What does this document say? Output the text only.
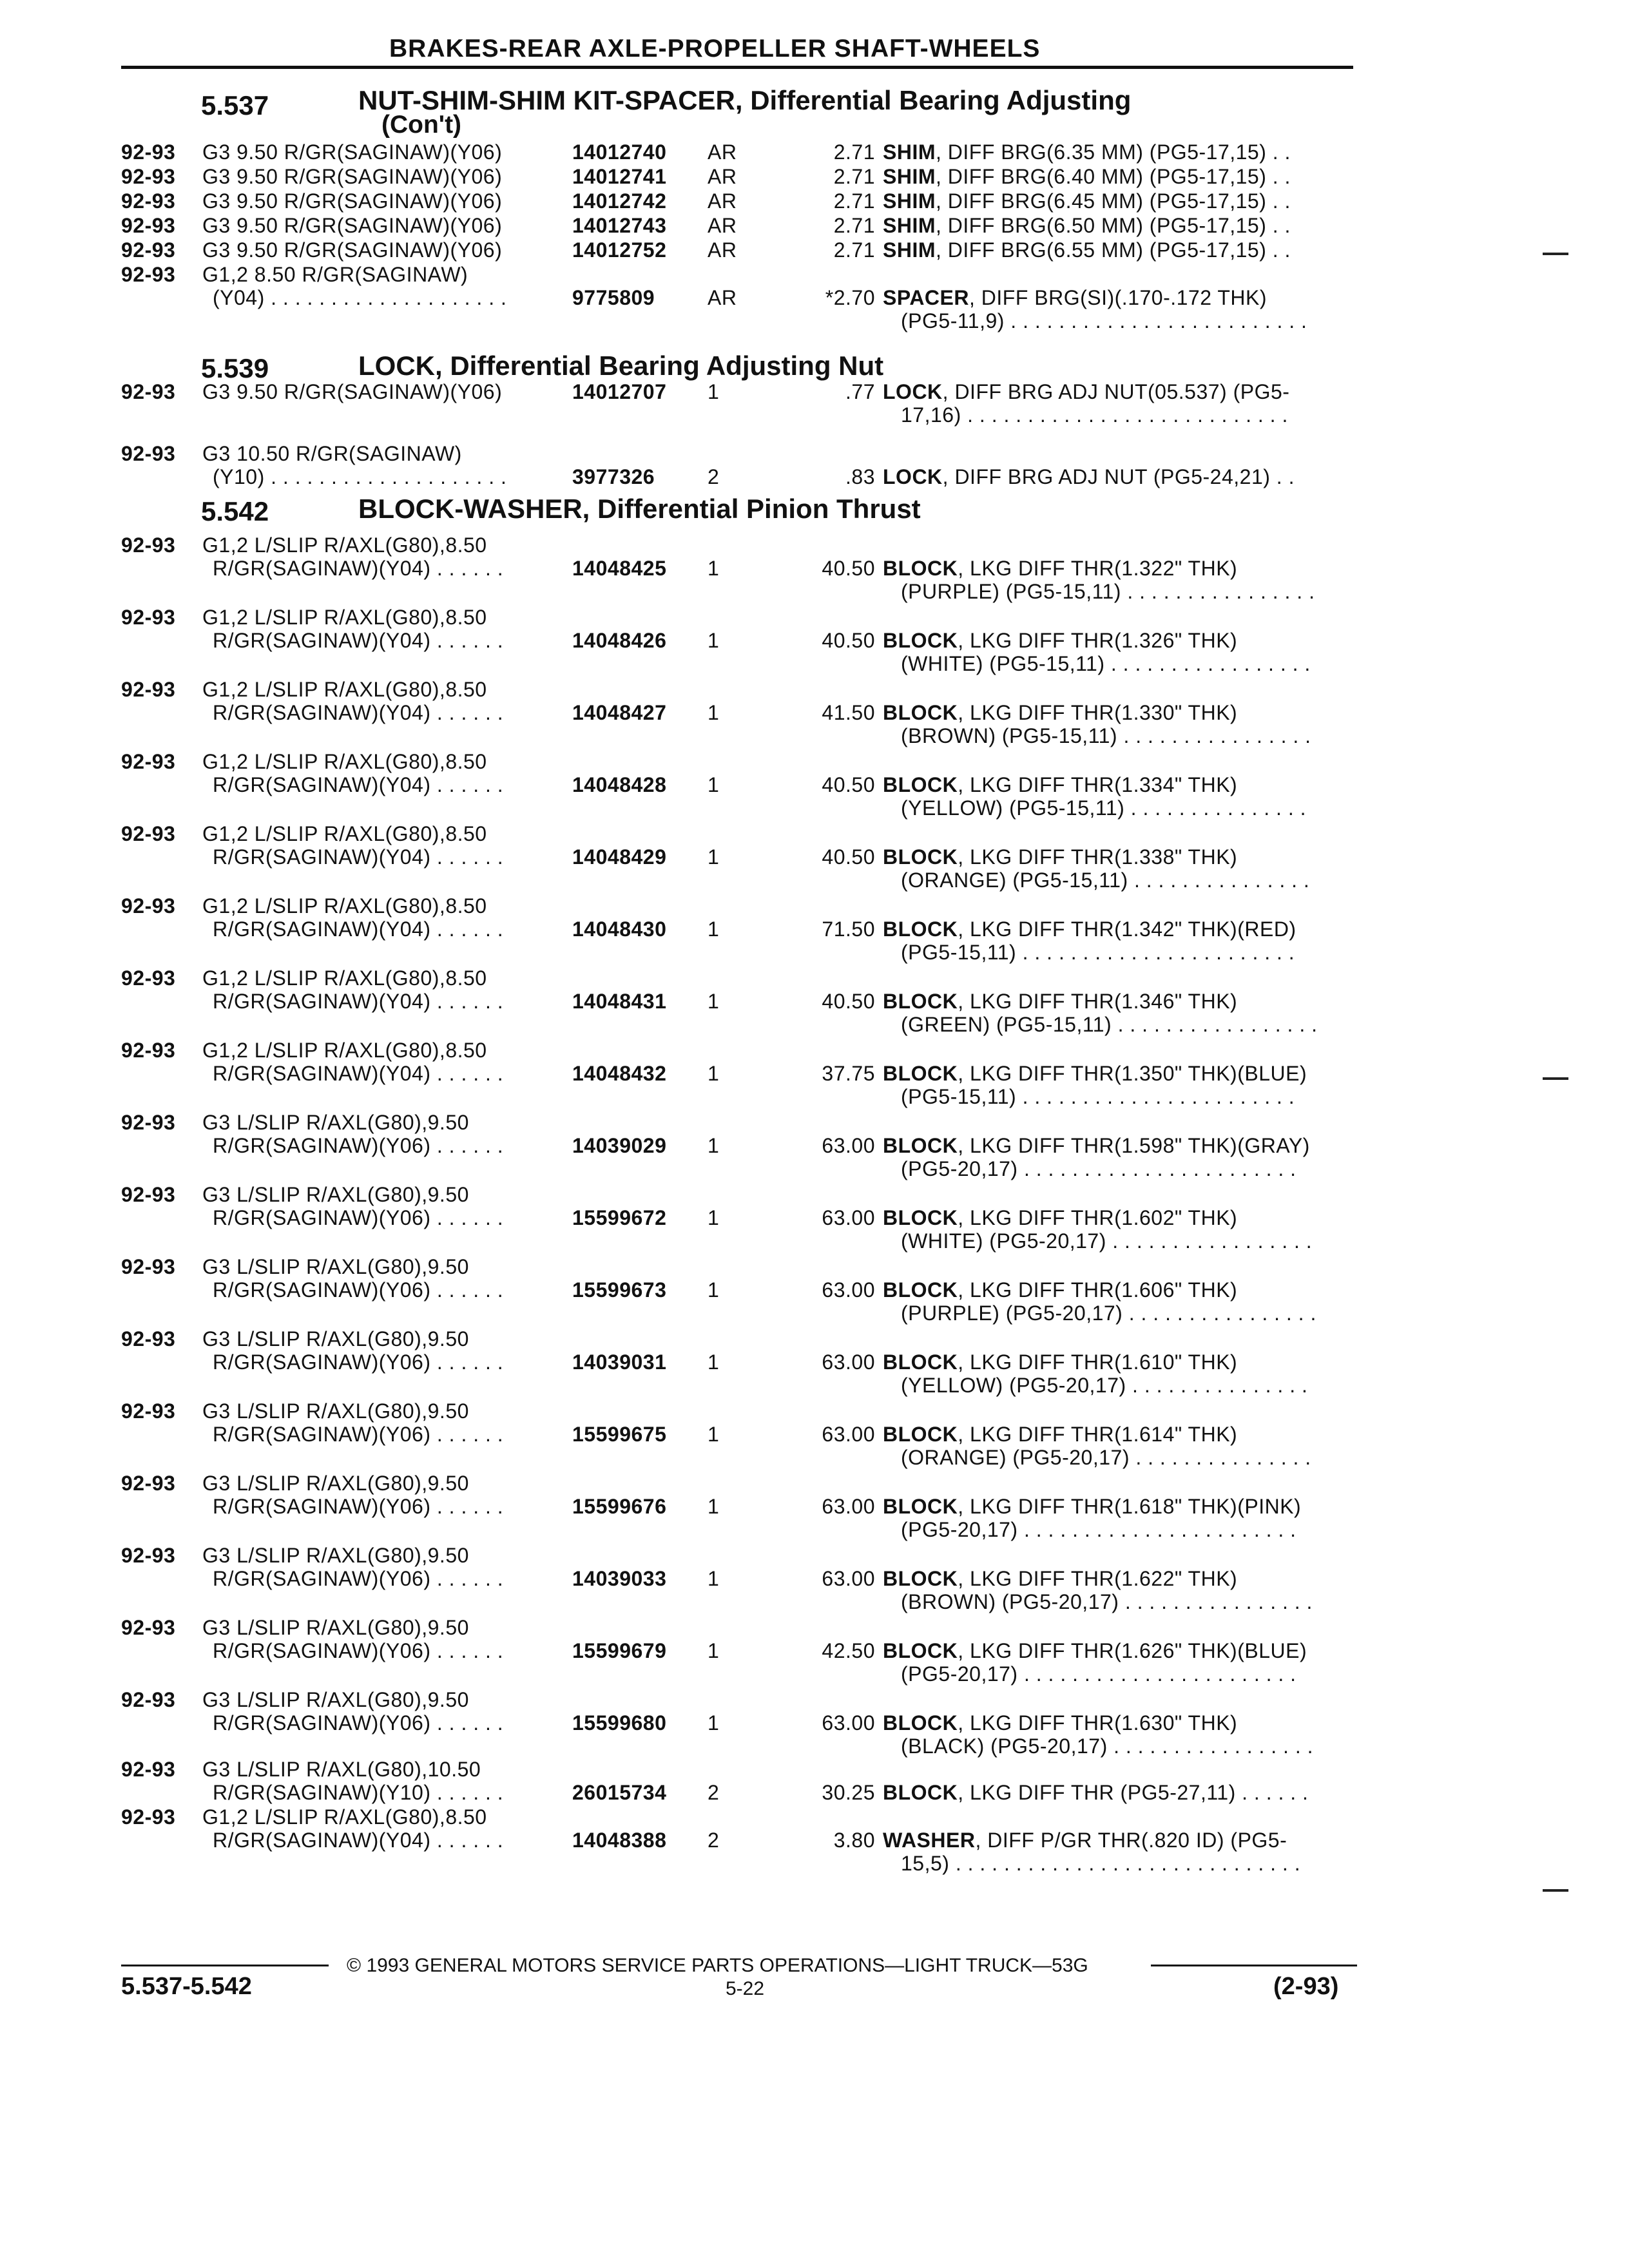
BRAKES-REAR AXLE-PROPELLER SHAFT-WHEELS
5.537	NUT-SHIM-SHIM KIT-SPACER, Differential Bearing Adjusting
(Con't)
5.539	LOCK, Differential Bearing Adjusting Nut
5.542	BLOCK-WASHER, Differential Pinion Thrust
92-93 G3 9.50 R/GR(SAGINAW)(Y06)	14012740 AR	2.71 SHIM, DIFF BRG(6.35 MM) (PG5-17,15) . .
92-93 G3 9.50 R/GR(SAGINAW)(Y06)	14012741 AR	2.71 SHIM, DIFF BRG(6.40 MM) (PG5-17,15) . .
92-93 G3 9.50 R/GR(SAGINAW)(Y06)	14012742 AR	2.71 SHIM, DIFF BRG(6.45 MM) (PG5-17,15) . .
92-93 G3 9.50 R/GR(SAGINAW)(Y06)	14012743 AR	2.71 SHIM, DIFF BRG(6.50 MM) (PG5-17,15) . .
92-93 G3 9.50 R/GR(SAGINAW)(Y06)	14012752 AR	2.71 SHIM, DIFF BRG(6.55 MM) (PG5-17,15) . .
92-93 G1,2 8.50 R/GR(SAGINAW)
(Y04) . . . . . . . . . . . . . . . . . . . .	9775809	AR	*2.70 SPACER, DIFF BRG(SI)(.170-.172 THK)
(PG5-11,9) . . . . . . . . . . . . . . . . . . . . . . . . .
92-93 G3 9.50 R/GR(SAGINAW)(Y06)	14012707 1	.77 LOCK, DIFF BRG ADJ NUT(05.537) (PG5-
17,16) . . . . . . . . . . . . . . . . . . . . . . . . . . .
92-93 G3 10.50 R/GR(SAGINAW)
(Y10) . . . . . . . . . . . . . . . . . . . .	3977326	2	.83 LOCK, DIFF BRG ADJ NUT (PG5-24,21) . .
92-93 G1,2 L/SLIP R/AXL(G80),8.50
R/GR(SAGINAW)(Y04) . . . . . .	14048425 1	40.50 BLOCK, LKG DIFF THR(1.322" THK)
(PURPLE) (PG5-15,11) . . . . . . . . . . . . . . . .
92-93 G1,2 L/SLIP R/AXL(G80),8.50
R/GR(SAGINAW)(Y04) . . . . . .	14048426 1	40.50 BLOCK, LKG DIFF THR(1.326" THK)
(WHITE) (PG5-15,11) . . . . . . . . . . . . . . . . .
92-93 G1,2 L/SLIP R/AXL(G80),8.50
R/GR(SAGINAW)(Y04) . . . . . .	14048427 1	41.50 BLOCK, LKG DIFF THR(1.330" THK)
(BROWN) (PG5-15,11) . . . . . . . . . . . . . . . .
92-93 G1,2 L/SLIP R/AXL(G80),8.50
R/GR(SAGINAW)(Y04) . . . . . .	14048428 1	40.50 BLOCK, LKG DIFF THR(1.334" THK)
(YELLOW) (PG5-15,11) . . . . . . . . . . . . . . .
92-93 G1,2 L/SLIP R/AXL(G80),8.50
R/GR(SAGINAW)(Y04) . . . . . .	14048429 1	40.50 BLOCK, LKG DIFF THR(1.338" THK)
(ORANGE) (PG5-15,11) . . . . . . . . . . . . . . .
92-93 G1,2 L/SLIP R/AXL(G80),8.50
R/GR(SAGINAW)(Y04) . . . . . .	14048430 1	71.50 BLOCK, LKG DIFF THR(1.342" THK)(RED)
(PG5-15,11) . . . . . . . . . . . . . . . . . . . . . . .
92-93 G1,2 L/SLIP R/AXL(G80),8.50
R/GR(SAGINAW)(Y04) . . . . . .	14048431 1	40.50 BLOCK, LKG DIFF THR(1.346" THK)
(GREEN) (PG5-15,11) . . . . . . . . . . . . . . . . .
92-93 G1,2 L/SLIP R/AXL(G80),8.50
R/GR(SAGINAW)(Y04) . . . . . .	14048432 1	37.75 BLOCK, LKG DIFF THR(1.350" THK)(BLUE)
(PG5-15,11) . . . . . . . . . . . . . . . . . . . . . . .
92-93 G3 L/SLIP R/AXL(G80),9.50
R/GR(SAGINAW)(Y06) . . . . . .	14039029 1	63.00 BLOCK, LKG DIFF THR(1.598" THK)(GRAY)
(PG5-20,17) . . . . . . . . . . . . . . . . . . . . . . .
92-93 G3 L/SLIP R/AXL(G80),9.50
R/GR(SAGINAW)(Y06) . . . . . .	15599672 1	63.00 BLOCK, LKG DIFF THR(1.602" THK)
(WHITE) (PG5-20,17) . . . . . . . . . . . . . . . . .
92-93 G3 L/SLIP R/AXL(G80),9.50
R/GR(SAGINAW)(Y06) . . . . . .	15599673 1	63.00 BLOCK, LKG DIFF THR(1.606" THK)
(PURPLE) (PG5-20,17) . . . . . . . . . . . . . . . .
92-93 G3 L/SLIP R/AXL(G80),9.50
R/GR(SAGINAW)(Y06) . . . . . .	14039031 1	63.00 BLOCK, LKG DIFF THR(1.610" THK)
(YELLOW) (PG5-20,17) . . . . . . . . . . . . . . .
92-93 G3 L/SLIP R/AXL(G80),9.50
R/GR(SAGINAW)(Y06) . . . . . .	15599675 1	63.00 BLOCK, LKG DIFF THR(1.614" THK)
(ORANGE) (PG5-20,17) . . . . . . . . . . . . . . .
92-93 G3 L/SLIP R/AXL(G80),9.50
R/GR(SAGINAW)(Y06) . . . . . .	15599676 1	63.00 BLOCK, LKG DIFF THR(1.618" THK)(PINK)
(PG5-20,17) . . . . . . . . . . . . . . . . . . . . . . .
92-93 G3 L/SLIP R/AXL(G80),9.50
R/GR(SAGINAW)(Y06) . . . . . .	14039033 1	63.00 BLOCK, LKG DIFF THR(1.622" THK)
(BROWN) (PG5-20,17) . . . . . . . . . . . . . . . .
92-93 G3 L/SLIP R/AXL(G80),9.50
R/GR(SAGINAW)(Y06) . . . . . .	15599679 1	42.50 BLOCK, LKG DIFF THR(1.626" THK)(BLUE)
(PG5-20,17) . . . . . . . . . . . . . . . . . . . . . . .
92-93 G3 L/SLIP R/AXL(G80),9.50
R/GR(SAGINAW)(Y06) . . . . . .	15599680 1	63.00 BLOCK, LKG DIFF THR(1.630" THK)
(BLACK) (PG5-20,17) . . . . . . . . . . . . . . . . .
92-93 G3 L/SLIP R/AXL(G80),10.50
R/GR(SAGINAW)(Y10) . . . . . .	26015734 2	30.25 BLOCK, LKG DIFF THR (PG5-27,11) . . . . . .
92-93 G1,2 L/SLIP R/AXL(G80),8.50
R/GR(SAGINAW)(Y04) . . . . . .	14048388 2	3.80 WASHER, DIFF P/GR THR(.820 ID) (PG5-
15,5) . . . . . . . . . . . . . . . . . . . . . . . . . . . . .
© 1993 GENERAL MOTORS SERVICE PARTS OPERATIONS—LIGHT TRUCK—53G
5.537-5.542	5-22	(2-93)
